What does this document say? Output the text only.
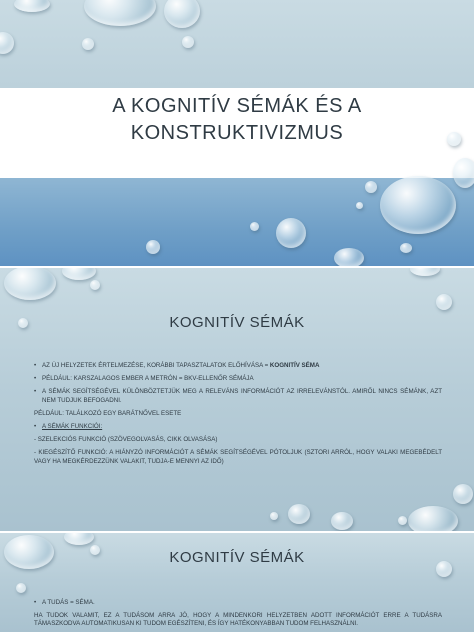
A KOGNITÍV SÉMÁK ÉS A
KONSTRUKTIVIZMUS
KOGNITÍV SÉMÁK
• AZ ÚJ HELYZETEK ÉRTELMEZÉSE, KORÁBBI TAPASZTALATOK ELŐHÍVÁSA = KOGNITÍV SÉMA
• PÉLDÁUL: KARSZALAGOS EMBER A METRÓN = BKV-ELLENŐR SÉMÁJA
• A SÉMÁK SEGÍTSÉGÉVEL KÜLÖNBÖZTETJÜK MEG A RELEVÁNS INFORMÁCIÓT AZ IRRELEVÁNSTÓL. AMIRŐL NINCS SÉMÁNK, AZT NEM TUDJUK BEFOGADNI.
PÉLDÁUL: TALÁLKOZÓ EGY BARÁTNŐVEL ESETE
• A SÉMÁK FUNKCIÓI:
- SZELEKCIÓS FUNKCIÓ (SZÖVEGOLVASÁS, CIKK OLVASÁSA)
- KIEGÉSZÍTŐ FUNKCIÓ: A HIÁNYZÓ INFORMÁCIÓT A SÉMÁK SEGÍTSÉGÉVEL PÓTOLJUK (SZTORI ARRÓL, HOGY VALAKI MEGEBÉDELT VAGY HA MEGKÉRDEZZÜNK VALAKIT, TUDJA-E MENNYI AZ IDŐ)
KOGNITÍV SÉMÁK
• A TUDÁS = SÉMA.
HA TUDOK VALAMIT, EZ A TUDÁSOM ARRA JÓ, HOGY A MINDENKORI HELYZETBEN ADOTT INFORMÁCIÓT ERRE A TUDÁSRA TÁMASZKODVA AUTOMATIKUSAN KI TUDOM EGÉSZÍTENI, ÉS ÍGY HATÉKONYABBAN TUDOM FELHASZNÁLNI.
